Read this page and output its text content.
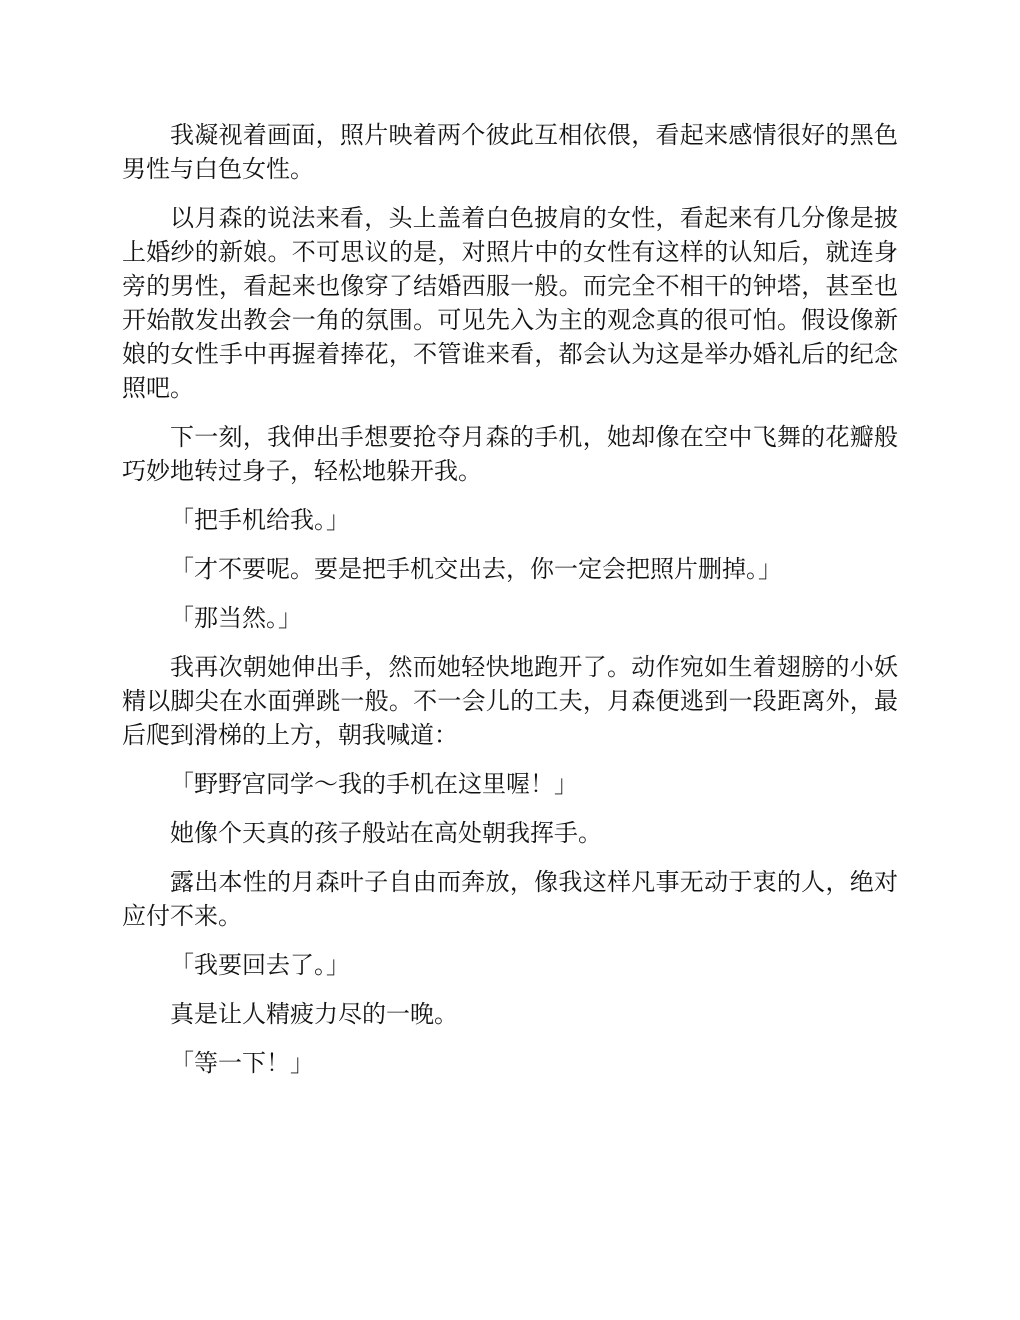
我凝视着画面，照片映着两个彼此互相依偎，看起来感情很好的黑色男性与白色女性。

以月森的说法来看，头上盖着白色披肩的女性，看起来有几分像是披上婚纱的新娘。不可思议的是，对照片中的女性有这样的认知后，就连身旁的男性，看起来也像穿了结婚西服一般。而完全不相干的钟塔，甚至也开始散发出教会一角的氛围。可见先入为主的观念真的很可怕。假设像新娘的女性手中再握着捧花，不管谁来看，都会认为这是举办婚礼后的纪念照吧。

下一刻，我伸出手想要抢夺月森的手机，她却像在空中飞舞的花瓣般巧妙地转过身子，轻松地躲开我。

「把手机给我。」

「才不要呢。要是把手机交出去，你一定会把照片删掉。」

「那当然。」

我再次朝她伸出手，然而她轻快地跑开了。动作宛如生着翅膀的小妖精以脚尖在水面弹跳一般。不一会儿的工夫，月森便逃到一段距离外，最后爬到滑梯的上方，朝我喊道：

「野野宫同学～我的手机在这里喔！」

她像个天真的孩子般站在高处朝我挥手。

露出本性的月森叶子自由而奔放，像我这样凡事无动于衷的人，绝对应付不来。

「我要回去了。」

真是让人精疲力尽的一晚。

「等一下！」
